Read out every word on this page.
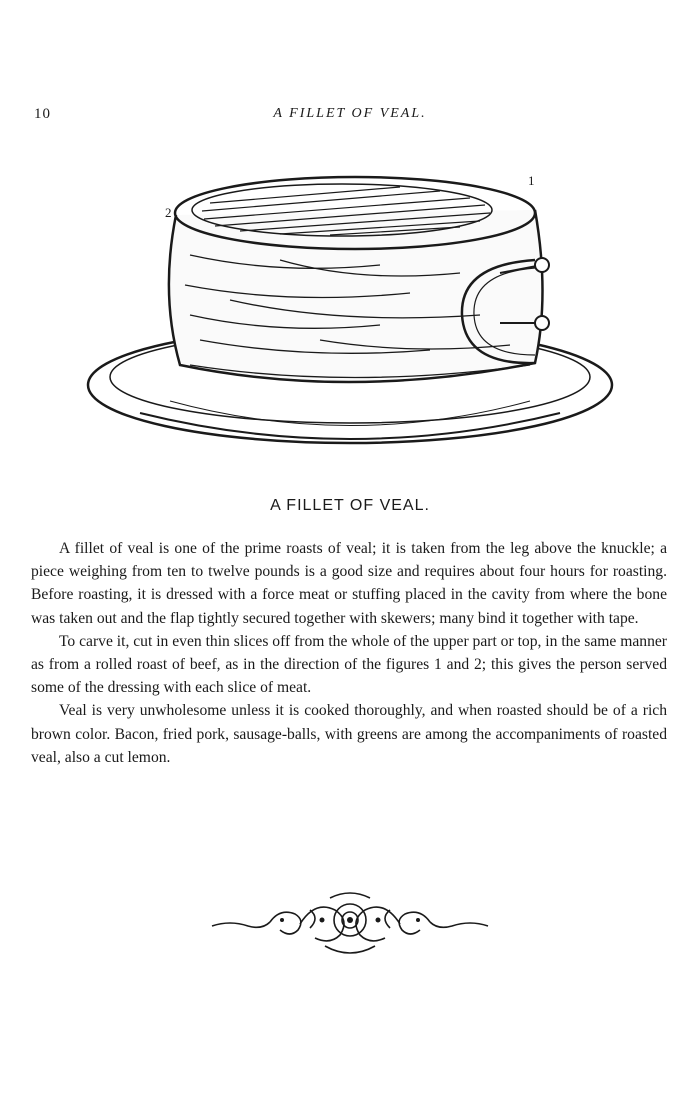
10	A FILLET OF VEAL.
1
2
A FILLET OF VEAL.

A fillet of veal is one of the prime roasts of veal; it is taken from the leg above the knuckle; a piece weighing from ten to twelve pounds is a good size and requires about four hours for roasting. Before roasting, it is dressed with a force meat or stuffing placed in the cavity from where the bone was taken out and the flap tightly secured together with skewers; many bind it together with tape.

To carve it, cut in even thin slices off from the whole of the upper part or top, in the same manner as from a rolled roast of beef, as in the direction of the figures 1 and 2; this gives the person served some of the dressing with each slice of meat.

Veal is very unwholesome unless it is cooked thoroughly, and when roasted should be of a rich brown color. Bacon, fried pork, sausage-balls, with greens are among the accompaniments of roasted veal, also a cut lemon.
